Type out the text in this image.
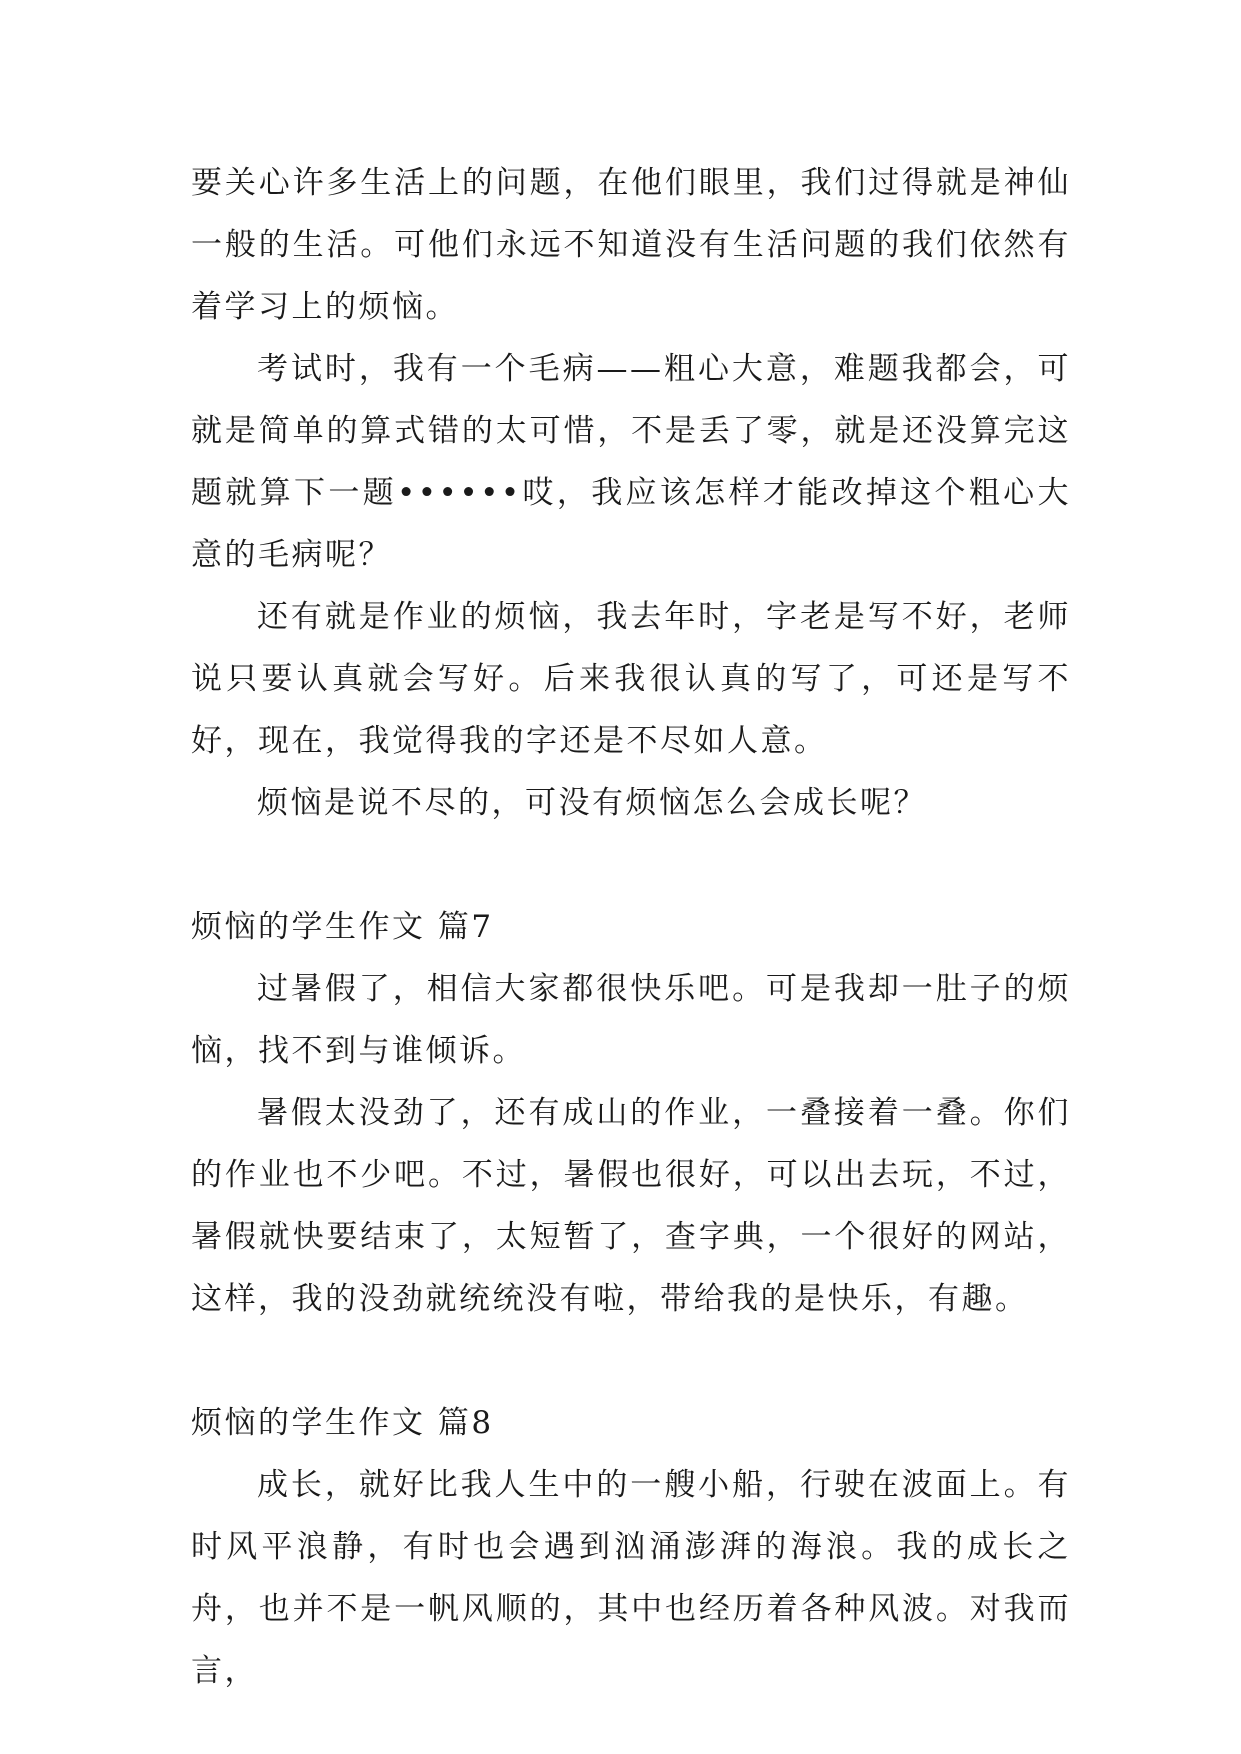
要关心许多生活上的问题，在他们眼里，我们过得就是神仙一般的生活。可他们永远不知道没有生活问题的我们依然有着学习上的烦恼。

考试时，我有一个毛病——粗心大意，难题我都会，可就是简单的算式错的太可惜，不是丢了零，就是还没算完这题就算下一题••••••哎，我应该怎样才能改掉这个粗心大意的毛病呢？

还有就是作业的烦恼，我去年时，字老是写不好，老师说只要认真就会写好。后来我很认真的写了，可还是写不好，现在，我觉得我的字还是不尽如人意。

烦恼是说不尽的，可没有烦恼怎么会成长呢？

烦恼的学生作文 篇7

过暑假了，相信大家都很快乐吧。可是我却一肚子的烦恼，找不到与谁倾诉。

暑假太没劲了，还有成山的作业，一叠接着一叠。你们的作业也不少吧。不过，暑假也很好，可以出去玩，不过，暑假就快要结束了，太短暂了，查字典，一个很好的网站，这样，我的没劲就统统没有啦，带给我的是快乐，有趣。

烦恼的学生作文 篇8

成长，就好比我人生中的一艘小船，行驶在波面上。有时风平浪静，有时也会遇到汹涌澎湃的海浪。我的成长之舟，也并不是一帆风顺的，其中也经历着各种风波。对我而言，
